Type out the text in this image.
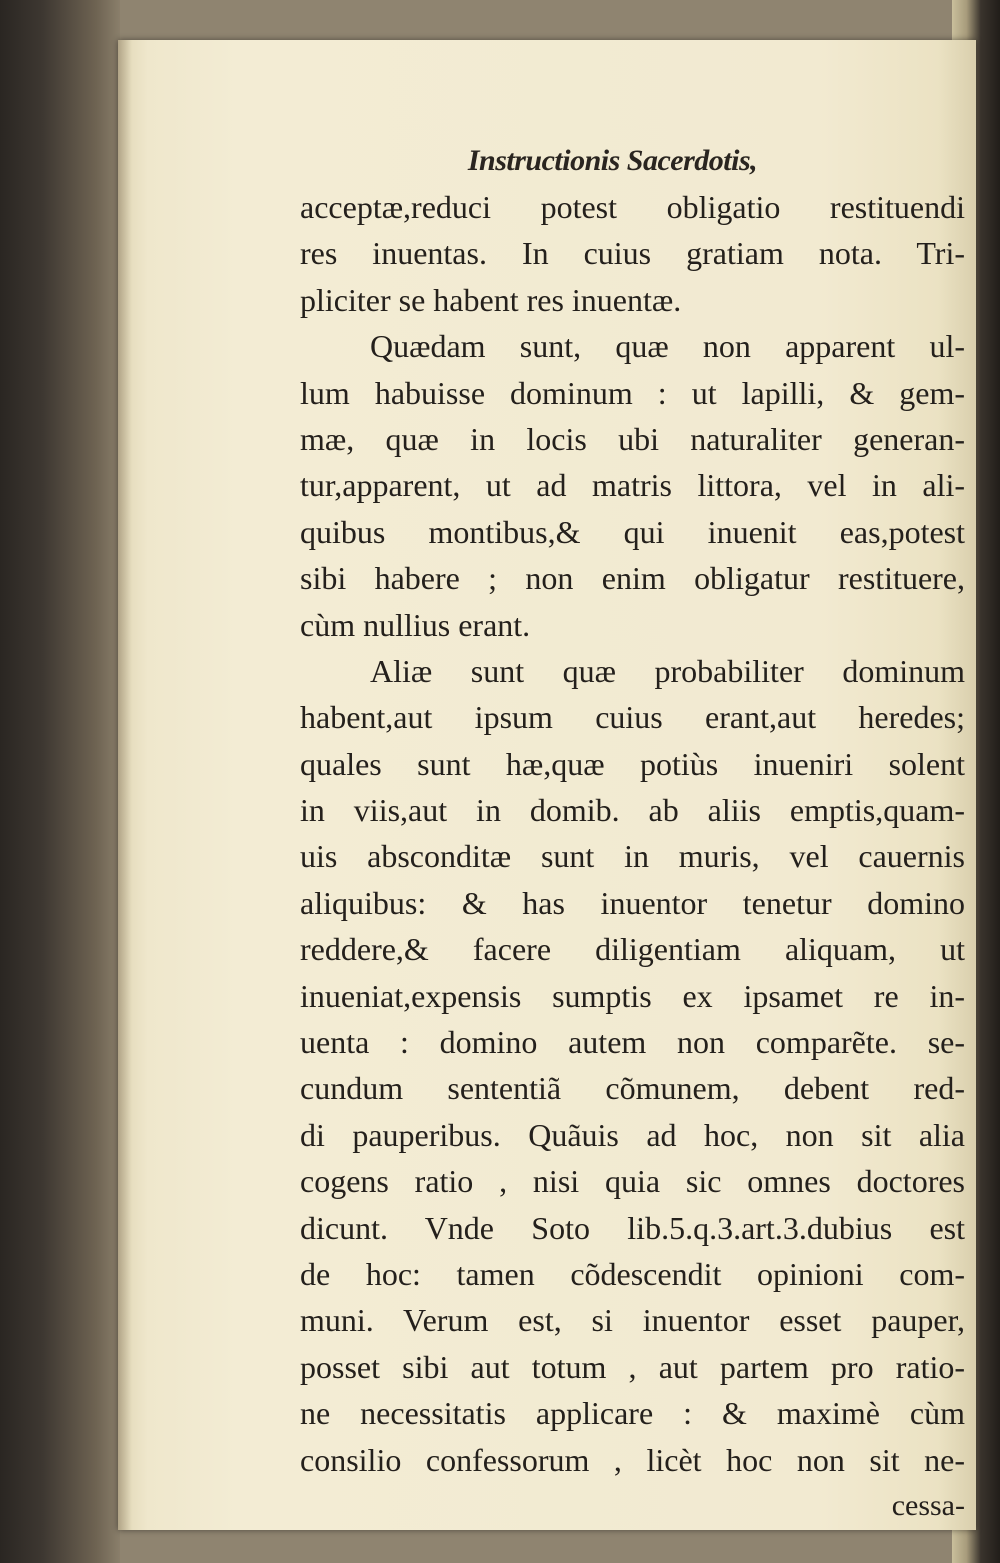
Instructionis Sacerdotis,
acceptæ,reduci potest obligatio restituendi
res inuentas. In cuius gratiam nota. Tri-
pliciter se habent res inuentæ.
Quædam sunt, quæ non apparent ul-
lum habuisse dominum : ut lapilli, & gem-
mæ, quæ in locis ubi naturaliter generan-
tur,apparent, ut ad matris littora, vel in ali-
quibus montibus,& qui inuenit eas,potest
sibi habere ; non enim obligatur restituere,
cùm nullius erant.
Aliæ sunt quæ probabiliter dominum
habent,aut ipsum cuius erant,aut heredes;
quales sunt hæ,quæ potiùs inueniri solent
in viis,aut in domib. ab aliis emptis,quam-
uis absconditæ sunt in muris, vel cauernis
aliquibus: & has inuentor tenetur domino
reddere,& facere diligentiam aliquam, ut
inueniat,expensis sumptis ex ipsamet re in-
uenta : domino autem non comparẽte. se-
cundum sententiã cõmunem, debent red-
di pauperibus. Quãuis ad hoc, non sit alia
cogens ratio , nisi quia sic omnes doctores
dicunt. Vnde Soto lib.5.q.3.art.3.dubius est
de hoc: tamen cõdescendit opinioni com-
muni. Verum est, si inuentor esset pauper,
posset sibi aut totum , aut partem pro ratio-
ne necessitatis applicare : & maximè cùm
consilio confessorum , licèt hoc non sit ne-
cessa-
